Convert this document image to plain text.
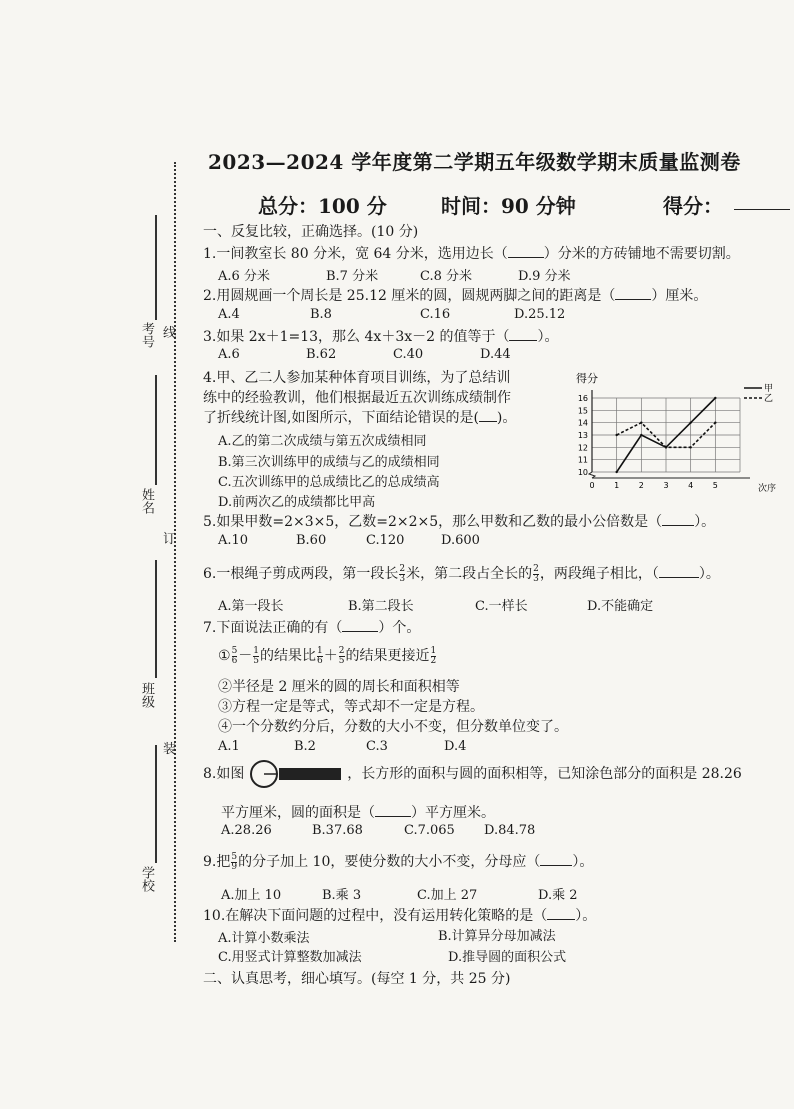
考号 线
姓名
订
班级
装
学校
2023—2024 学年度第二学期五年级数学期末质量监测卷
总分：100 分	时间：90 分钟	得分：
一、反复比较，正确选择。(10 分)
1.一间教室长 80 分米，宽 64 分米，选用边长（	）分米的方砖铺地不需要切割。
A.6 分米	B.7 分米	C.8 分米	D.9 分米
2.用圆规画一个周长是 25.12 厘米的圆，圆规两脚之间的距离是（	）厘米。
A.4	B.8	C.16	D.25.12
3.如果 2x＋1=13，那么 4x＋3x－2 的值等于（ ）。
A.6	B.62	C.40	D.44
4.甲、乙二人参加某种体育项目训练，为了总结训
练中的经验教训，他们根据最近五次训练成绩制作
了折线统计图,如图所示，下面结论错误的是( )。
A.乙的第二次成绩与第五次成绩相同
B.第三次训练甲的成绩与乙的成绩相同
C.五次训练甲的总成绩比乙的总成绩高
D.前两次乙的成绩都比甲高
得分
次序
10
11
12
13
14
15
16
0 1 2 3 4 5
甲
乙
5.如果甲数=2×3×5，乙数=2×2×5，那么甲数和乙数的最小公倍数是（ ）。
A.10	B.60	C.120	D.600
6.一根绳子剪成两段，第一段长 $\frac{2}{3}$ 米，第二段占全长的 $\frac{2}{3}$ ，两段绳子相比，（	）。
A.第一段长	B.第二段长	C.一样长	D.不能确定
7.下面说法正确的有（	）个。
① $\frac{5}{6} - \frac{1}{5}$ 的结果比 $\frac{1}{6} + \frac{2}{5}$ 的结果更接近 $\frac{1}{2}$
②半径是 2 厘米的圆的周长和面积相等
③方程一定是等式，等式却不一定是方程。
④一个分数约分后，分数的大小不变，但分数单位变了。
A.1	B.2	C.3	D.4
8.如图	，长方形的面积与圆的面积相等，已知涂色部分的面积是 28.26
平方厘米，圆的面积是（	）平方厘米。
A.28.26	B.37.68	C.7.065 D.84.78
9.把 $\frac{5}{9}$ 的分子加上 10，要使分数的大小不变，分母应（ ）。
A.加上 10	B.乘 3	C.加上 27	D.乘 2
10.在解决下面问题的过程中，没有运用转化策略的是（ ）。
A.计算小数乘法	B.计算异分母加减法
C.用竖式计算整数加减法	D.推导圆的面积公式
二、认真思考，细心填写。(每空 1 分，共 25 分)
